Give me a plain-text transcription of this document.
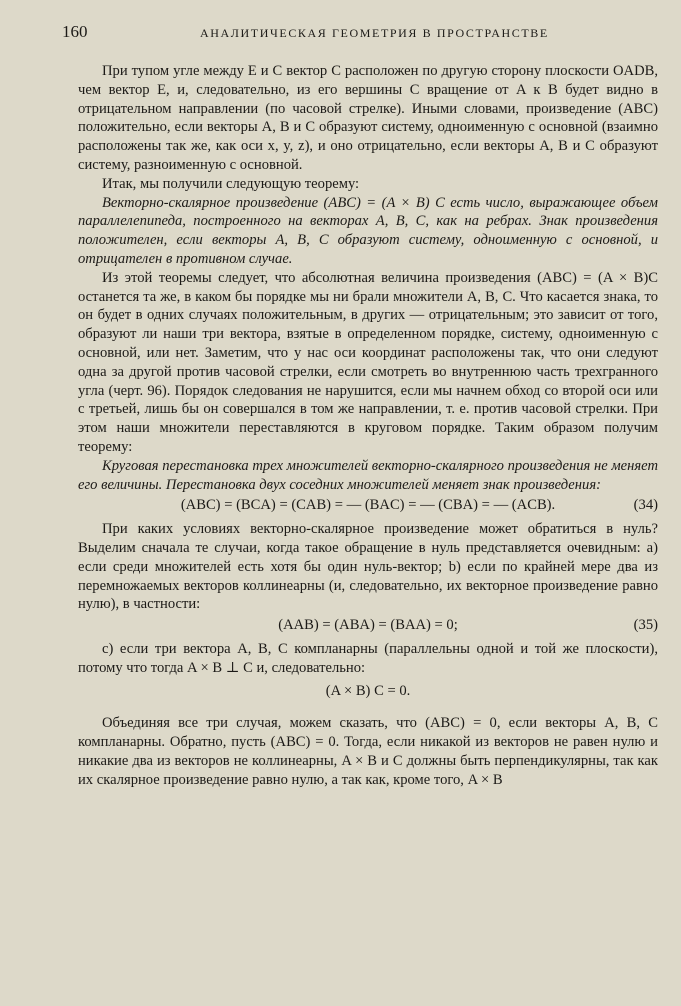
160	АНАЛИТИЧЕСКАЯ ГЕОМЕТРИЯ В ПРОСТРАНСТВЕ

При тупом угле между E и C вектор C расположен по другую сторону плоскости OADB, чем вектор E, и, следовательно, из его вершины C вращение от A к B будет видно в отрицательном направлении (по часовой стрелке). Иными словами, произведение (ABC) положительно, если векторы A, B и C образуют систему, одноименную с основной (взаимно расположены так же, как оси x, y, z), и оно отрицательно, если векторы A, B и C образуют систему, разноименную с основной.

Итак, мы получили следующую теорему:

Векторно-скалярное произведение (ABC) = (A × B) C есть число, выражающее объем параллелепипеда, построенного на векторах A, B, C, как на ребрах. Знак произведения положителен, если векторы A, B, C образуют систему, одноименную с основной, и отрицателен в противном случае.

Из этой теоремы следует, что абсолютная величина произведения (ABC) = (A × B)C останется та же, в каком бы порядке мы ни брали множители A, B, C. Что касается знака, то он будет в одних случаях положительным, в других — отрицательным; это зависит от того, образуют ли наши три вектора, взятые в определенном порядке, систему, одноименную с основной, или нет. Заметим, что у нас оси координат расположены так, что они следуют одна за другой против часовой стрелки, если смотреть во внутреннюю часть трехгранного угла (черт. 96). Порядок следования не нарушится, если мы начнем обход со второй оси или с третьей, лишь бы он совершался в том же направлении, т. е. против часовой стрелки. При этом наши множители переставляются в круговом порядке. Таким образом получим теорему:

Круговая перестановка трех множителей векторно-скалярного произведения не меняет его величины. Перестановка двух соседних множителей меняет знак произведения:

(ABC) = (BCA) = (CAB) = — (BAC) = — (CBA) = — (ACB).	(34)

При каких условиях векторно-скалярное произведение может обратиться в нуль? Выделим сначала те случаи, когда такое обращение в нуль представляется очевидным: a) если среди множителей есть хотя бы один нуль-вектор; b) если по крайней мере два из перемножаемых векторов коллинеарны (и, следовательно, их векторное произведение равно нулю), в частности:

(AAB) = (ABA) = (BAA) = 0;	(35)

c) если три вектора A, B, C компланарны (параллельны одной и той же плоскости), потому что тогда A × B ⊥ C и, следовательно:

(A × B) C = 0.

Объединяя все три случая, можем сказать, что (ABC) = 0, если векторы A, B, C компланарны. Обратно, пусть (ABC) = 0. Тогда, если никакой из векторов не равен нулю и никакие два из векторов не коллинеарны, A × B и C должны быть перпендикулярны, так как их скалярное произведение равно нулю, а так как, кроме того, A × B
